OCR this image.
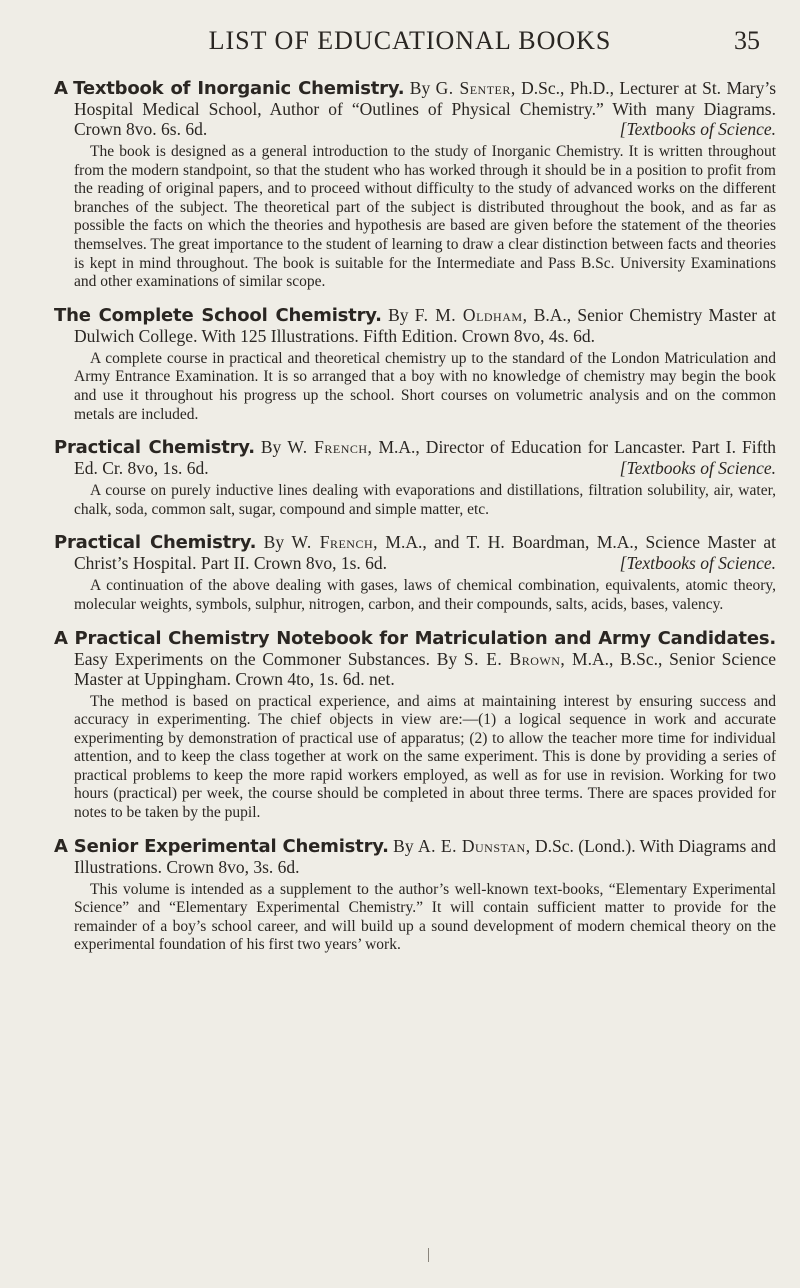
LIST OF EDUCATIONAL BOOKS	35

A Textbook of Inorganic Chemistry. By G. Senter, D.Sc., Ph.D., Lecturer at St. Mary’s Hospital Medical School, Author of “Outlines of Physical Chemistry.” With many Diagrams. Crown 8vo. 6s. 6d.	[Textbooks of Science.

The book is designed as a general introduction to the study of Inorganic Chemistry. It is written throughout from the modern standpoint, so that the student who has worked through it should be in a position to profit from the reading of original papers, and to proceed without difficulty to the study of advanced works on the different branches of the subject. The theoretical part of the subject is distributed throughout the book, and as far as possible the facts on which the theories and hypothesis are based are given before the statement of the theories themselves. The great importance to the student of learning to draw a clear distinction between facts and theories is kept in mind throughout. The book is suitable for the Intermediate and Pass B.Sc. University Examinations and other examinations of similar scope.

The Complete School Chemistry. By F. M. Oldham, B.A., Senior Chemistry Master at Dulwich College. With 125 Illustrations. Fifth Edition. Crown 8vo, 4s. 6d.

A complete course in practical and theoretical chemistry up to the standard of the London Matriculation and Army Entrance Examination. It is so arranged that a boy with no knowledge of chemistry may begin the book and use it throughout his progress up the school. Short courses on volumetric analysis and on the common metals are included.

Practical Chemistry. By W. French, M.A., Director of Education for Lancaster. Part I. Fifth Ed. Cr. 8vo, 1s. 6d.	[Textbooks of Science.

A course on purely inductive lines dealing with evaporations and distillations, filtration solubility, air, water, chalk, soda, common salt, sugar, compound and simple matter, etc.

Practical Chemistry. By W. French, M.A., and T. H. Boardman, M.A., Science Master at Christ’s Hospital. Part II. Crown 8vo, 1s. 6d.	[Textbooks of Science.

A continuation of the above dealing with gases, laws of chemical combination, equivalents, atomic theory, molecular weights, symbols, sulphur, nitrogen, carbon, and their compounds, salts, acids, bases, valency.

A Practical Chemistry Notebook for Matriculation and Army Candidates. Easy Experiments on the Commoner Substances. By S. E. Brown, M.A., B.Sc., Senior Science Master at Uppingham. Crown 4to, 1s. 6d. net.

The method is based on practical experience, and aims at maintaining interest by ensuring success and accuracy in experimenting. The chief objects in view are:—(1) a logical sequence in work and accurate experimenting by demonstration of practical use of apparatus; (2) to allow the teacher more time for individual attention, and to keep the class together at work on the same experiment. This is done by providing a series of practical problems to keep the more rapid workers employed, as well as for use in revision. Working for two hours (practical) per week, the course should be completed in about three terms. There are spaces provided for notes to be taken by the pupil.

A Senior Experimental Chemistry. By A. E. Dunstan, D.Sc. (Lond.). With Diagrams and Illustrations. Crown 8vo, 3s. 6d.

This volume is intended as a supplement to the author’s well-known text-books, “Elementary Experimental Science” and “Elementary Experimental Chemistry.” It will contain sufficient matter to provide for the remainder of a boy’s school career, and will build up a sound development of modern chemical theory on the experimental foundation of his first two years’ work.
